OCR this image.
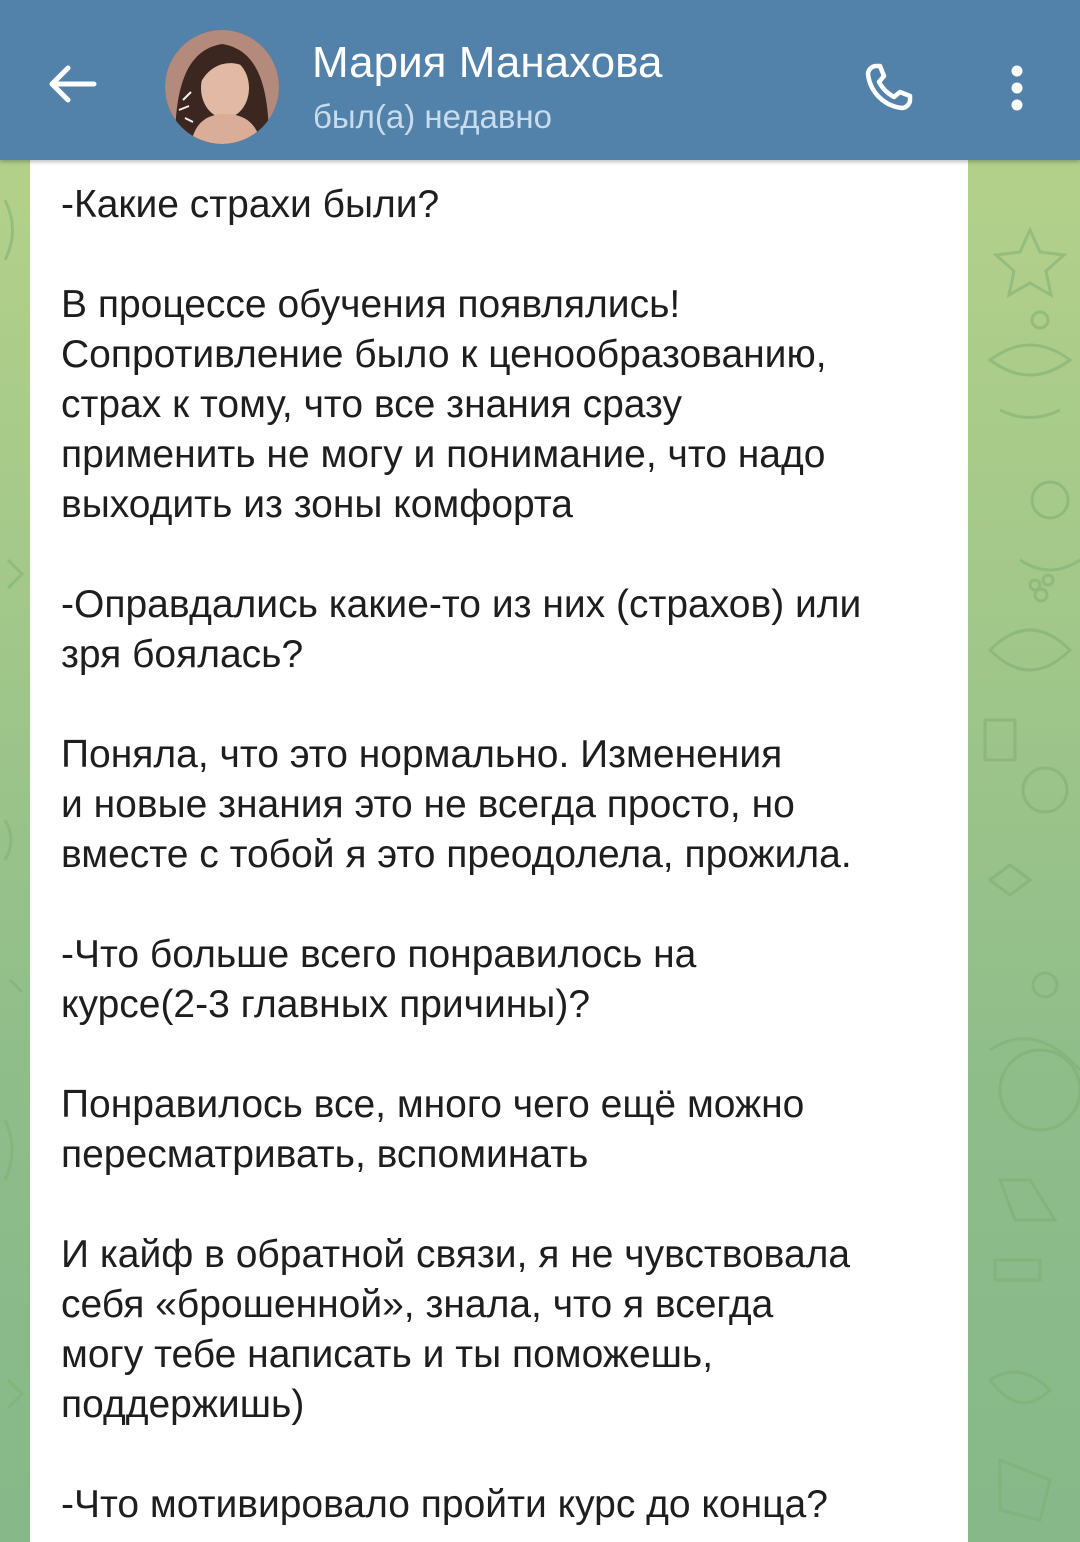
Мария Манахова
был(а) недавно

-Какие страхи были?

В процессе обучения появлялись!
Сопротивление было к ценообразованию,
страх к тому, что все знания сразу
применить не могу и понимание, что надо
выходить из зоны комфорта

-Оправдались какие-то из них (страхов) или
зря боялась?

Поняла, что это нормально. Изменения
и новые знания это не всегда просто, но
вместе с тобой я это преодолела, прожила.

-Что больше всего понравилось на
курсе(2-3 главных причины)?

Понравилось все, много чего ещё можно
пересматривать, вспоминать

И кайф в обратной связи, я не чувствовала
себя «брошенной», знала, что я всегда
могу тебе написать и ты поможешь,
поддержишь)

-Что мотивировало пройти курс до конца?
